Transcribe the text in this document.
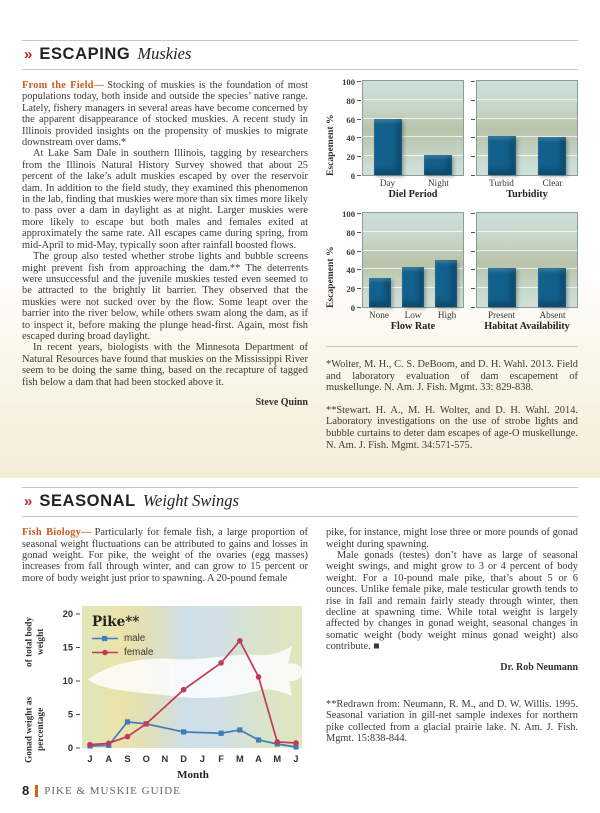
» ESCAPING Muskies

From the Field— Stocking of muskies is the foundation of most populations today, both inside and outside the species’ native range. Lately, fishery managers in several areas have become concerned by the apparent disappearance of stocked muskies. A recent study in Illinois provided insights on the propensity of muskies to migrate downstream over dams.*

At Lake Sam Dale in southern Illinois, tagging by researchers from the Illinois Natural History Survey showed that about 25 percent of the lake’s adult muskies escaped by over the reservoir dam. In addition to the field study, they examined this phenomenon in the lab, finding that muskies were more than six times more likely to pass over a dam in daylight as at night. Larger muskies were more likely to escape but both males and females exited at approximately the same rate. All escapes came during spring, from mid-April to mid-May, typically soon after rainfall boosted flows.

The group also tested whether strobe lights and bubble screens might prevent fish from approaching the dam.** The deterrents were unsuccessful and the juvenile muskies tested even seemed to be attracted to the brightly lit barrier. They observed that the muskies were not sucked over by the flow. Some leapt over the barrier into the river below, while others swam along the dam, as if to inspect it, before making the plunge head-first. Again, most fish escaped during broad daylight.

In recent years, biologists with the Minnesota Department of Natural Resources have found that muskies on the Mississippi River seem to be doing the same thing, based on the recapture of tagged fish below a dam that had been stocked above it.

Steve Quinn
Escapement % 0
20
40
60
80
100
Day	Night
Diel Period
Turbid	Clear
Turbidity
Escapement % 0
20
40
60
80
100
None	Low	High
Flow Rate
Present	Absent
Habitat Availability

*Wolter, M. H., C. S. DeBoom, and D. H. Wahl. 2013. Field and laboratory evaluation of dam escapement of muskellunge. N. Am. J. Fish. Mgmt. 33: 829-838.

**Stewart. H. A., M. H. Wolter, and D. H. Wahl. 2014. Laboratory investigations on the use of strobe lights and bubble curtains to deter dam escapes of age-O muskellunge. N. Am. J. Fish. Mgmt. 34:571-575.

» SEASONAL Weight Swings

Fish Biology— Particularly for female fish, a large proportion of seasonal weight fluctuations can be attributed to gains and losses in gonad weight. For pike, the weight of the ovaries (egg masses) increases from fall through winter, and can grow to 15 percent or more of body weight just prior to spawning. A 20-pound female

Gonad weight as percentage
of total body weight
Pike**
male
female
0
5
10
15
20
J A S O N D J F M A M J
Month

pike, for instance, might lose three or more pounds of gonad weight during spawning.

Male gonads (testes) don’t have as large of seasonal weight swings, and might grow to 3 or 4 percent of body weight. For a 10-pound male pike, that’s about 5 or 6 ounces. Unlike female pike, male testicular growth tends to rise in fall and remain fairly steady through winter, then decline at spawning time. While total weight is largely affected by changes in gonad weight, seasonal changes in somatic weight (body weight minus gonad weight) also contribute. ■

Dr. Rob Neumann

**Redrawn from: Neumann, R. M., and D. W. Willis. 1995. Seasonal variation in gill-net sample indexes for northern pike collected from a glacial prairie lake. N. Am. J. Fish. Mgmt. 15:838-844.

8 PIKE & MUSKIE GUIDE
